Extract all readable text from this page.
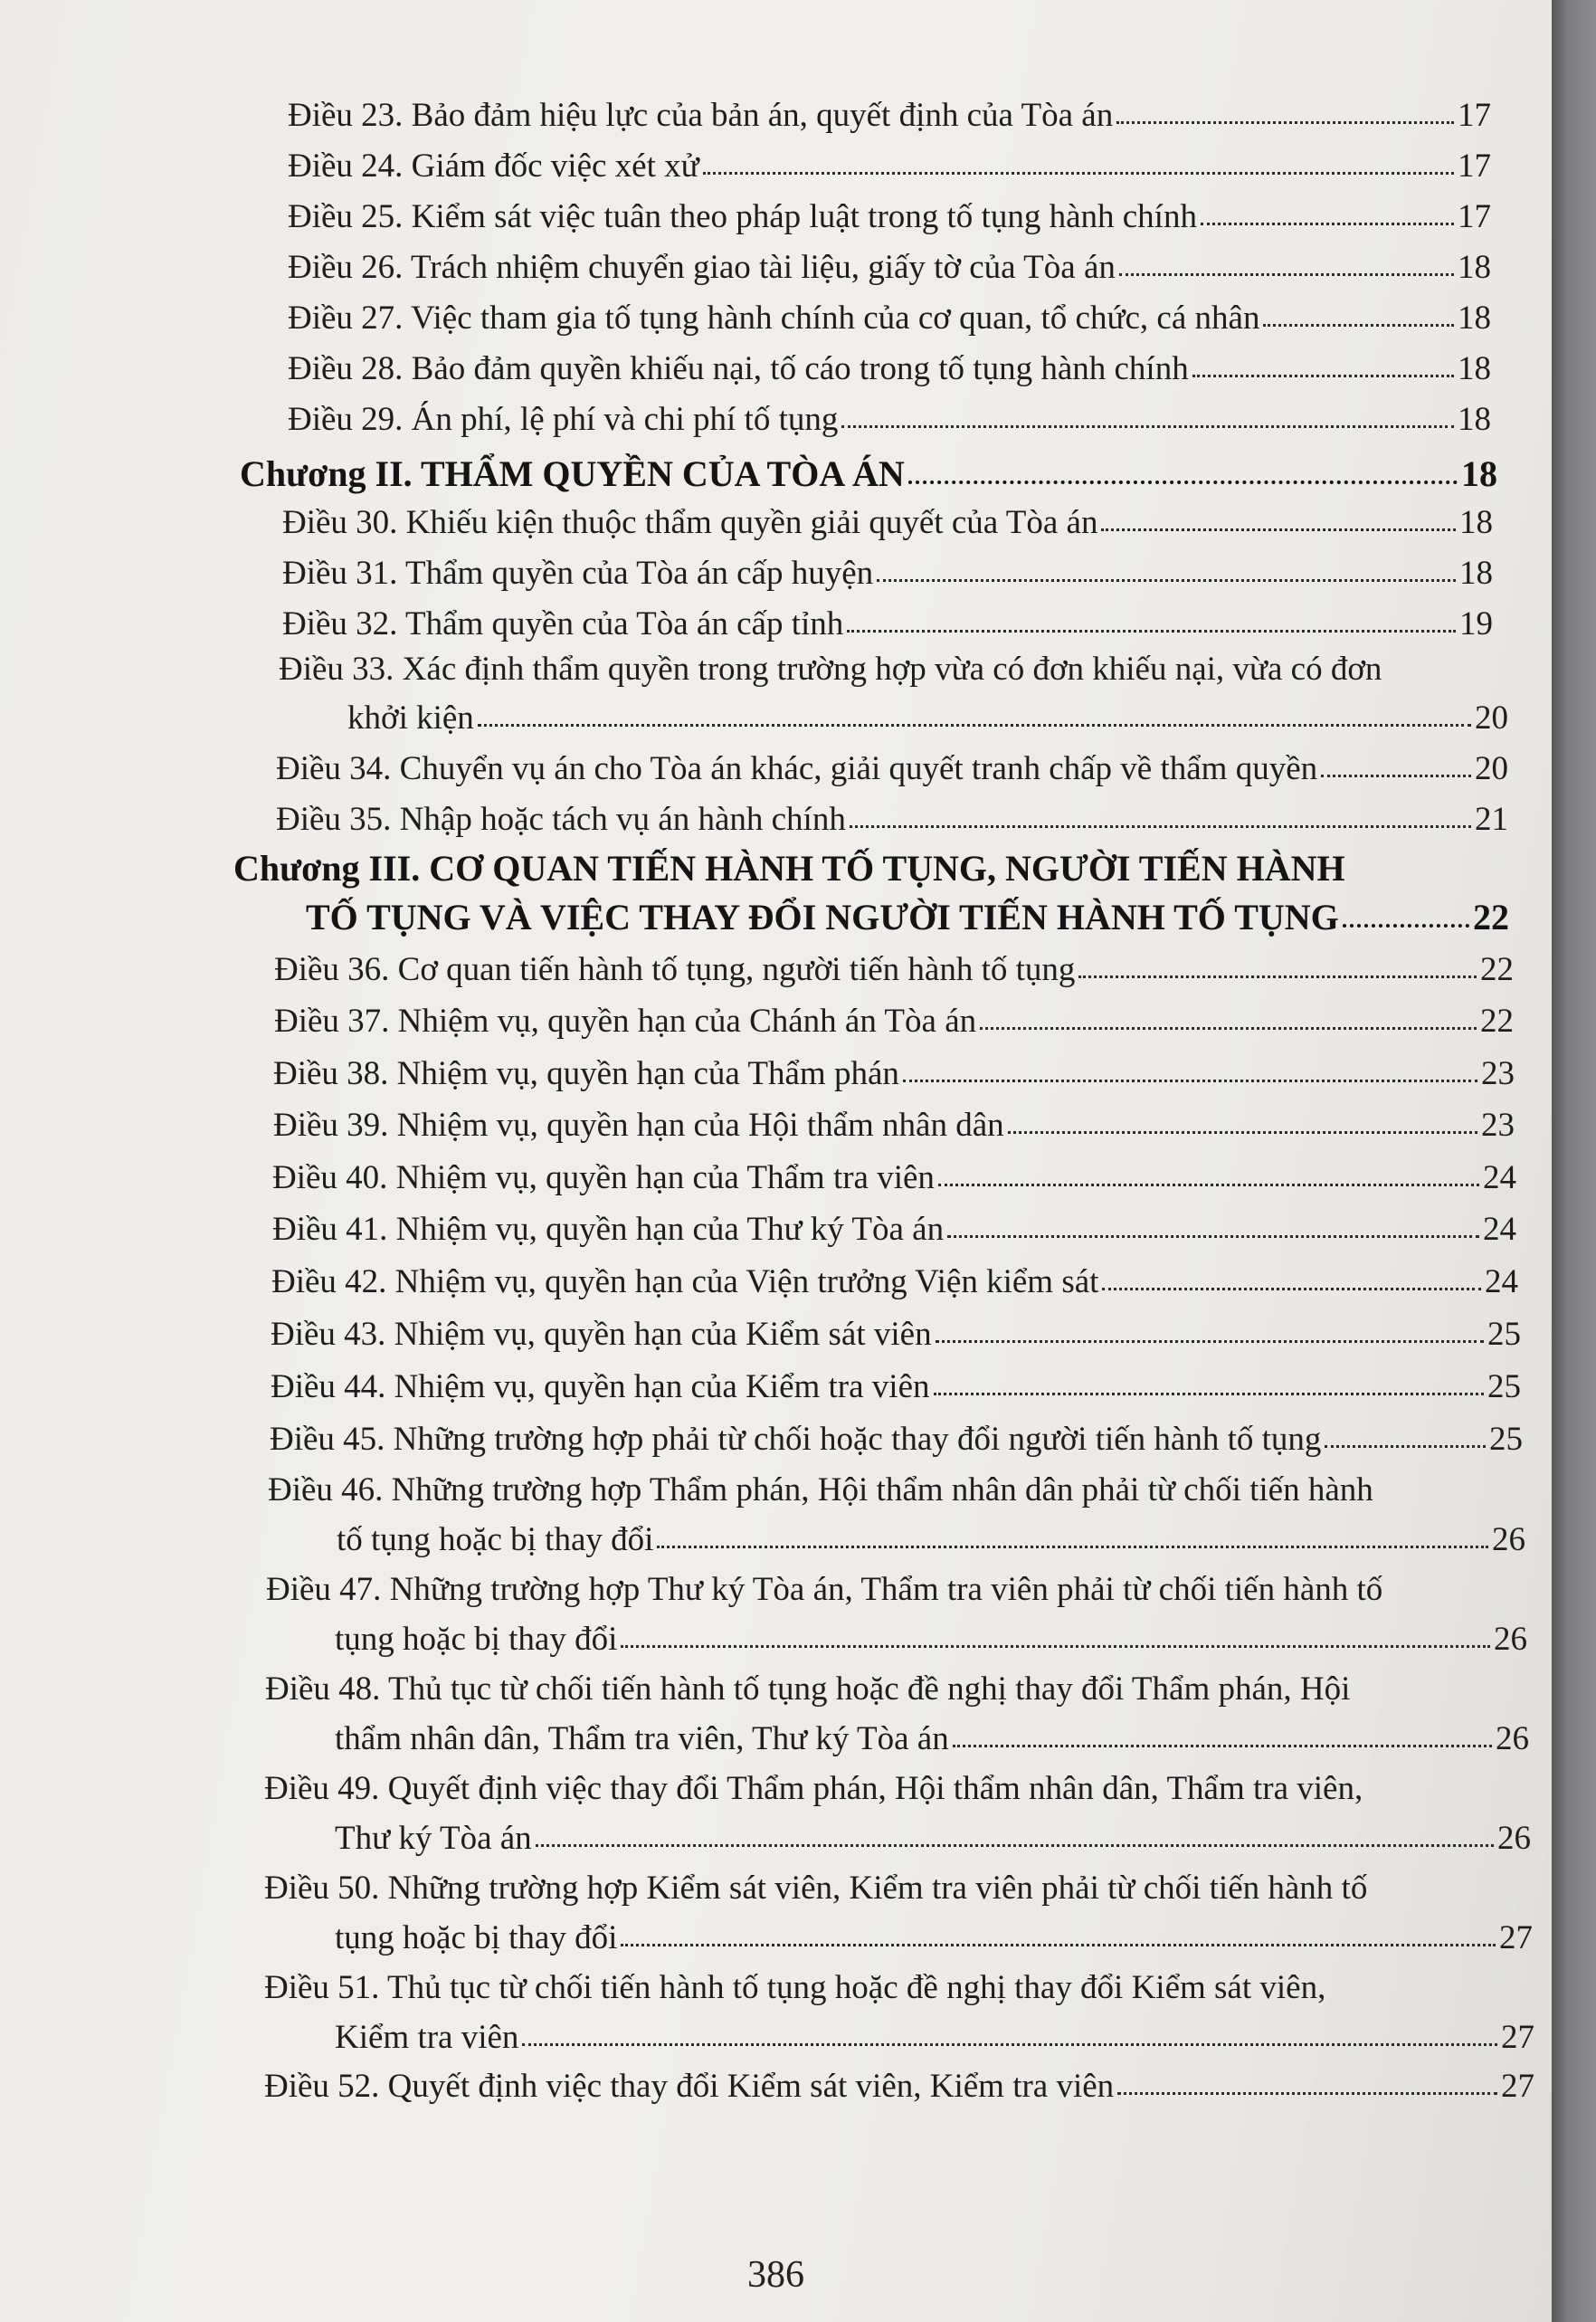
Điều 23. Bảo đảm hiệu lực của bản án, quyết định của Tòa án	17
Điều 24. Giám đốc việc xét xử	17
Điều 25. Kiểm sát việc tuân theo pháp luật trong tố tụng hành chính	17
Điều 26. Trách nhiệm chuyển giao tài liệu, giấy tờ của Tòa án	18
Điều 27. Việc tham gia tố tụng hành chính của cơ quan, tổ chức, cá nhân	18
Điều 28. Bảo đảm quyền khiếu nại, tố cáo trong tố tụng hành chính	18
Điều 29. Án phí, lệ phí và chi phí tố tụng	18
Chương II. THẨM QUYỀN CỦA TÒA ÁN	18
Điều 30. Khiếu kiện thuộc thẩm quyền giải quyết của Tòa án	18
Điều 31. Thẩm quyền của Tòa án cấp huyện	18
Điều 32. Thẩm quyền của Tòa án cấp tỉnh	19
Điều 33. Xác định thẩm quyền trong trường hợp vừa có đơn khiếu nại, vừa có đơn
khởi kiện	20
Điều 34. Chuyển vụ án cho Tòa án khác, giải quyết tranh chấp về thẩm quyền	20
Điều 35. Nhập hoặc tách vụ án hành chính	21
Chương III. CƠ QUAN TIẾN HÀNH TỐ TỤNG, NGƯỜI TIẾN HÀNH
TỐ TỤNG VÀ VIỆC THAY ĐỔI NGƯỜI TIẾN HÀNH TỐ TỤNG	22
Điều 36. Cơ quan tiến hành tố tụng, người tiến hành tố tụng	22
Điều 37. Nhiệm vụ, quyền hạn của Chánh án Tòa án	22
Điều 38. Nhiệm vụ, quyền hạn của Thẩm phán	23
Điều 39. Nhiệm vụ, quyền hạn của Hội thẩm nhân dân	23
Điều 40. Nhiệm vụ, quyền hạn của Thẩm tra viên	24
Điều 41. Nhiệm vụ, quyền hạn của Thư ký Tòa án	24
Điều 42. Nhiệm vụ, quyền hạn của Viện trưởng Viện kiểm sát	24
Điều 43. Nhiệm vụ, quyền hạn của Kiểm sát viên	25
Điều 44. Nhiệm vụ, quyền hạn của Kiểm tra viên	25
Điều 45. Những trường hợp phải từ chối hoặc thay đổi người tiến hành tố tụng	25
Điều 46. Những trường hợp Thẩm phán, Hội thẩm nhân dân phải từ chối tiến hành
tố tụng hoặc bị thay đổi	26
Điều 47. Những trường hợp Thư ký Tòa án, Thẩm tra viên phải từ chối tiến hành tố
tụng hoặc bị thay đổi	26
Điều 48. Thủ tục từ chối tiến hành tố tụng hoặc đề nghị thay đổi Thẩm phán, Hội
thẩm nhân dân, Thẩm tra viên, Thư ký Tòa án	26
Điều 49. Quyết định việc thay đổi Thẩm phán, Hội thẩm nhân dân, Thẩm tra viên,
Thư ký Tòa án	26
Điều 50. Những trường hợp Kiểm sát viên, Kiểm tra viên phải từ chối tiến hành tố
tụng hoặc bị thay đổi	27
Điều 51. Thủ tục từ chối tiến hành tố tụng hoặc đề nghị thay đổi Kiểm sát viên,
Kiểm tra viên	27
Điều 52. Quyết định việc thay đổi Kiểm sát viên, Kiểm tra viên	27
386
